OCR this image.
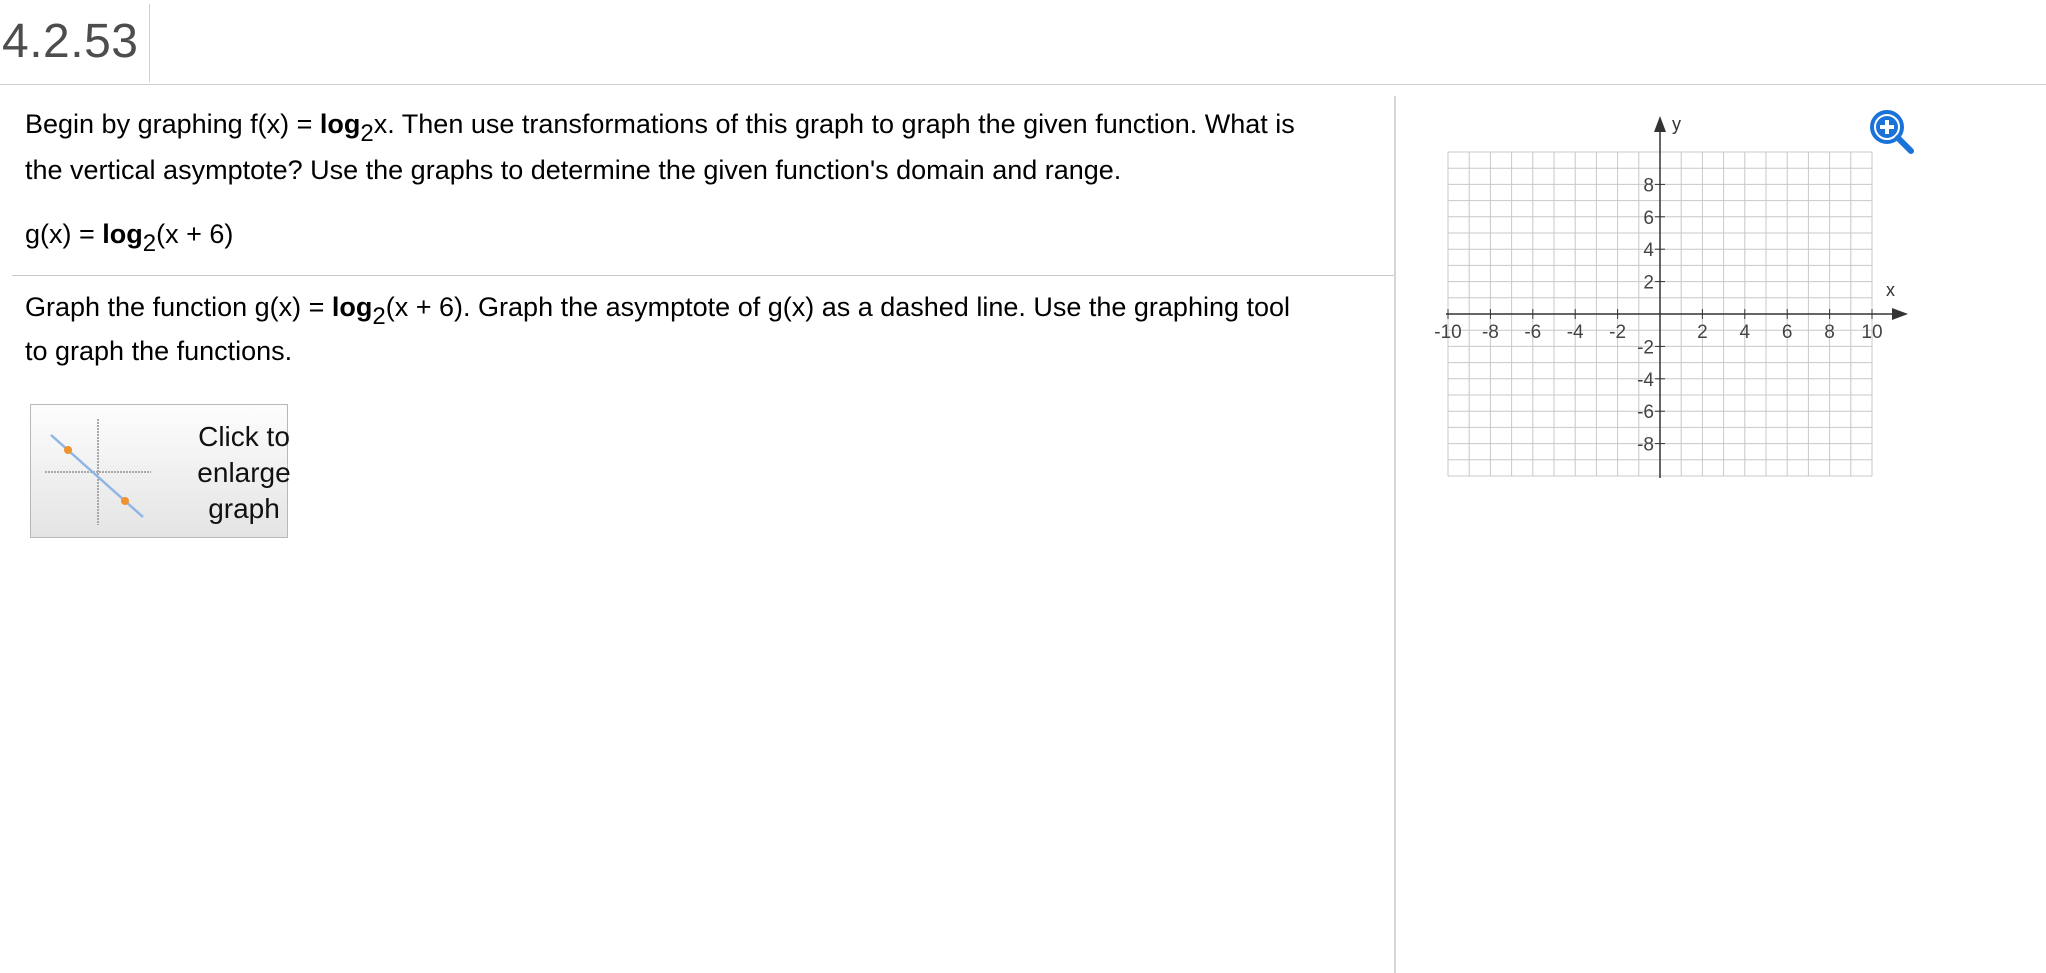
4.2.53
Begin by graphing f(x) = log2x. Then use transformations of this graph to graph the given function. What is
the vertical asymptote? Use the graphs to determine the given function's domain and range.
g(x) = log2(x + 6)
Graph the function g(x) = log2(x + 6). Graph the asymptote of g(x) as a dashed line. Use the graphing tool
to graph the functions.
Click to
enlarge
graph
x
y
-10 -8 -6 -4 -2	2 4 6 8 10
8
6
4
2
-2
-4
-6
-8
